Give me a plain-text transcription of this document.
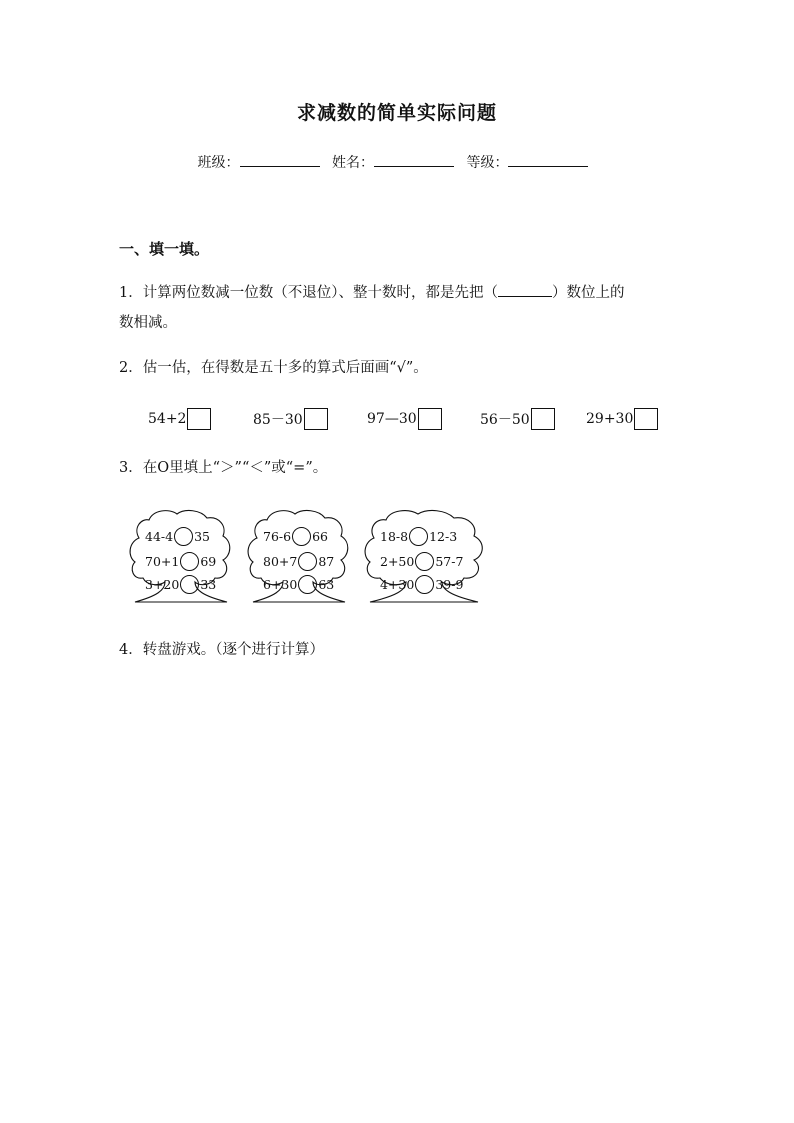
求减数的简单实际问题
班级：	姓名：	等级：
一、填一填。
1．计算两位数减一位数（不退位）、整十数时，都是先把（	）数位上的
数相减。
2．估一估，在得数是五十多的算式后面画“√”。
54+2	85－30	97—30	56－50	29+30
3．在O里填上“＞”“＜”或“=”。
44-4 35
70+1 69
3+20 33
76-6 66
80+7 87
6+30 63
18-8 12-3
2+50 57-7
4+30 39-9
4．转盘游戏。（逐个进行计算）
